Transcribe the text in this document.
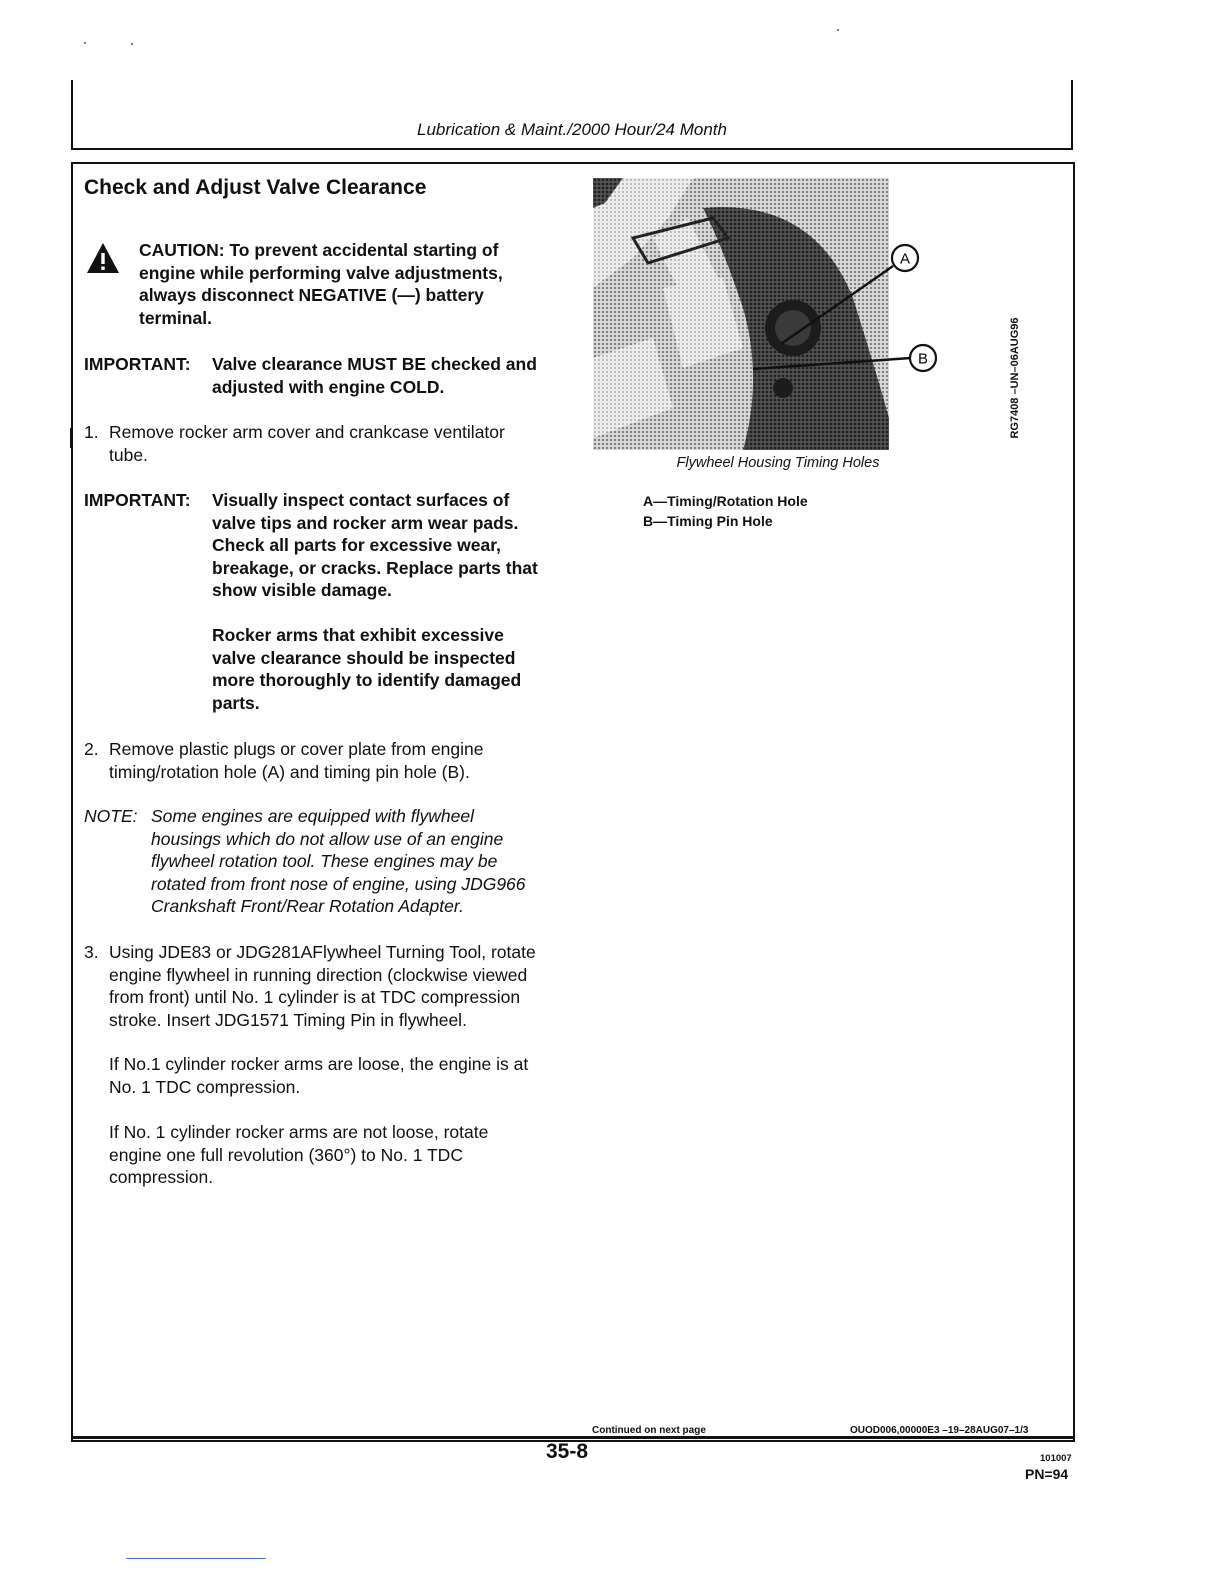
Lubrication & Maint./2000 Hour/24 Month
Check and Adjust Valve Clearance
CAUTION: To prevent accidental starting of
engine while performing valve adjustments,
always disconnect NEGATIVE (—) battery
terminal.
IMPORTANT: Valve clearance MUST BE checked and
adjusted with engine COLD.
1. Remove rocker arm cover and crankcase ventilator
tube.
IMPORTANT: Visually inspect contact surfaces of
valve tips and rocker arm wear pads.
Check all parts for excessive wear,
breakage, or cracks. Replace parts that
show visible damage.
Rocker arms that exhibit excessive
valve clearance should be inspected
more thoroughly to identify damaged
parts.
2. Remove plastic plugs or cover plate from engine
timing/rotation hole (A) and timing pin hole (B).
NOTE: Some engines are equipped with flywheel
housings which do not allow use of an engine
flywheel rotation tool. These engines may be
rotated from front nose of engine, using JDG966
Crankshaft Front/Rear Rotation Adapter.
3. Using JDE83 or JDG281AFlywheel Turning Tool, rotate
engine flywheel in running direction (clockwise viewed
from front) until No. 1 cylinder is at TDC compression
stroke. Insert JDG1571 Timing Pin in flywheel.
If No.1 cylinder rocker arms are loose, the engine is at
No. 1 TDC compression.
If No. 1 cylinder rocker arms are not loose, rotate
engine one full revolution (360°) to No. 1 TDC
compression.
A
B
Flywheel Housing Timing Holes
A—Timing/Rotation Hole
B—Timing Pin Hole
RG7408 –UN–06AUG96
Continued on next page	OUOD006,00000E3 –19–28AUG07–1/3
35-8	101007
PN=94
